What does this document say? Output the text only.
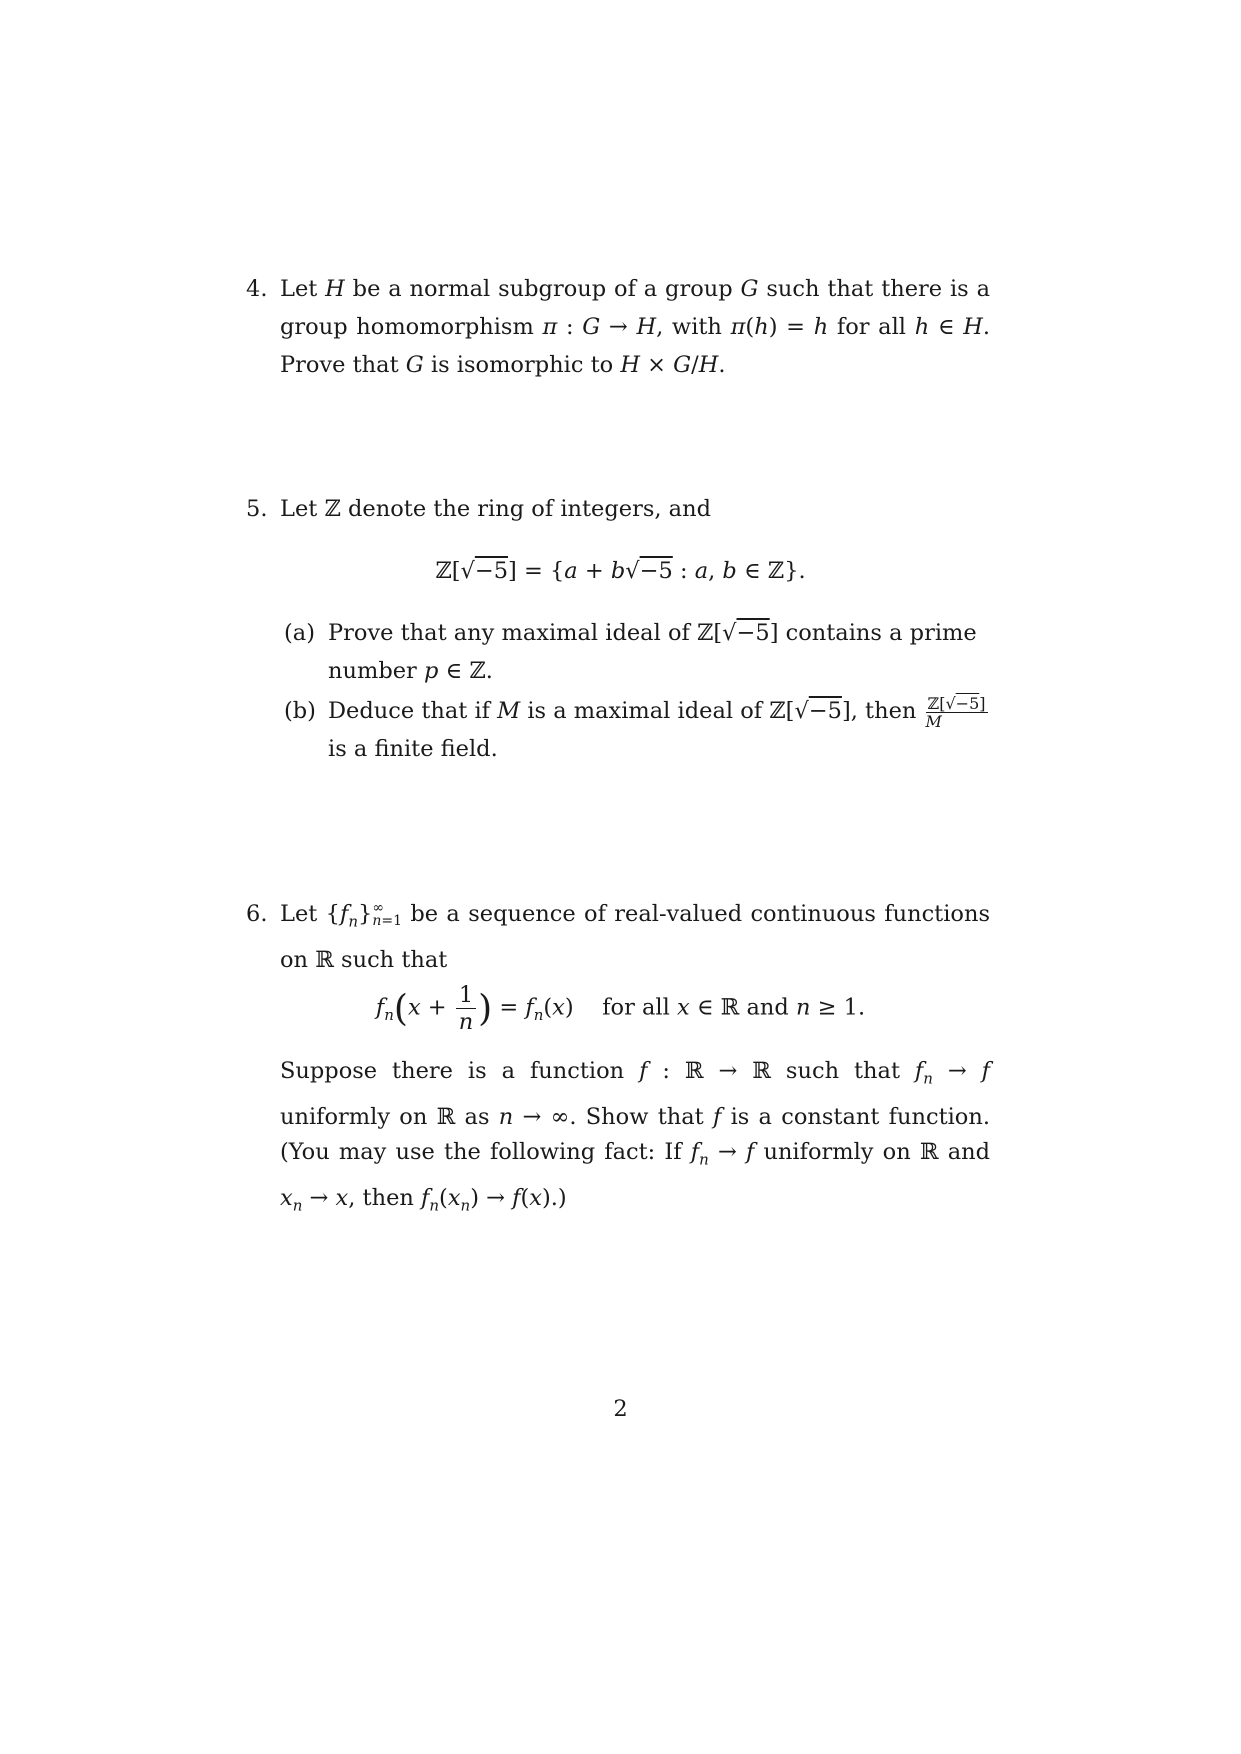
4. Let H be a normal subgroup of a group G such that there is a
group homomorphism π : G → H, with π(h) = h for all h ∈ H.
Prove that G is isomorphic to H × G/H.
5. Let ℤ denote the ring of integers, and
ℤ[√−5] = {a + b√−5 : a, b ∈ ℤ}.
(a) Prove that any maximal ideal of ℤ[√−5] contains a prime
number p ∈ ℤ.
(b) Deduce that if M is a maximal ideal of ℤ[√−5], then $\frac{\text{ℤ[√−5]}}{M}$
is a finite field.
6. Let $\{f_n\}$ ∞
n=1 be a sequence of real-valued continuous functions
on ℝ such that
$f_n(x + \frac{1}{n}) = f_n(x)$    for all x ∈ ℝ and n ≥ 1.
Suppose there is a function f : ℝ → ℝ such that $f_n \to f$
uniformly on ℝ as n → ∞. Show that f is a constant function.
(You may use the following fact: If $f_n \to f$ uniformly on ℝ and
$x_n \to x$, then $f_n(x_n) \to f(x)$.)
2
